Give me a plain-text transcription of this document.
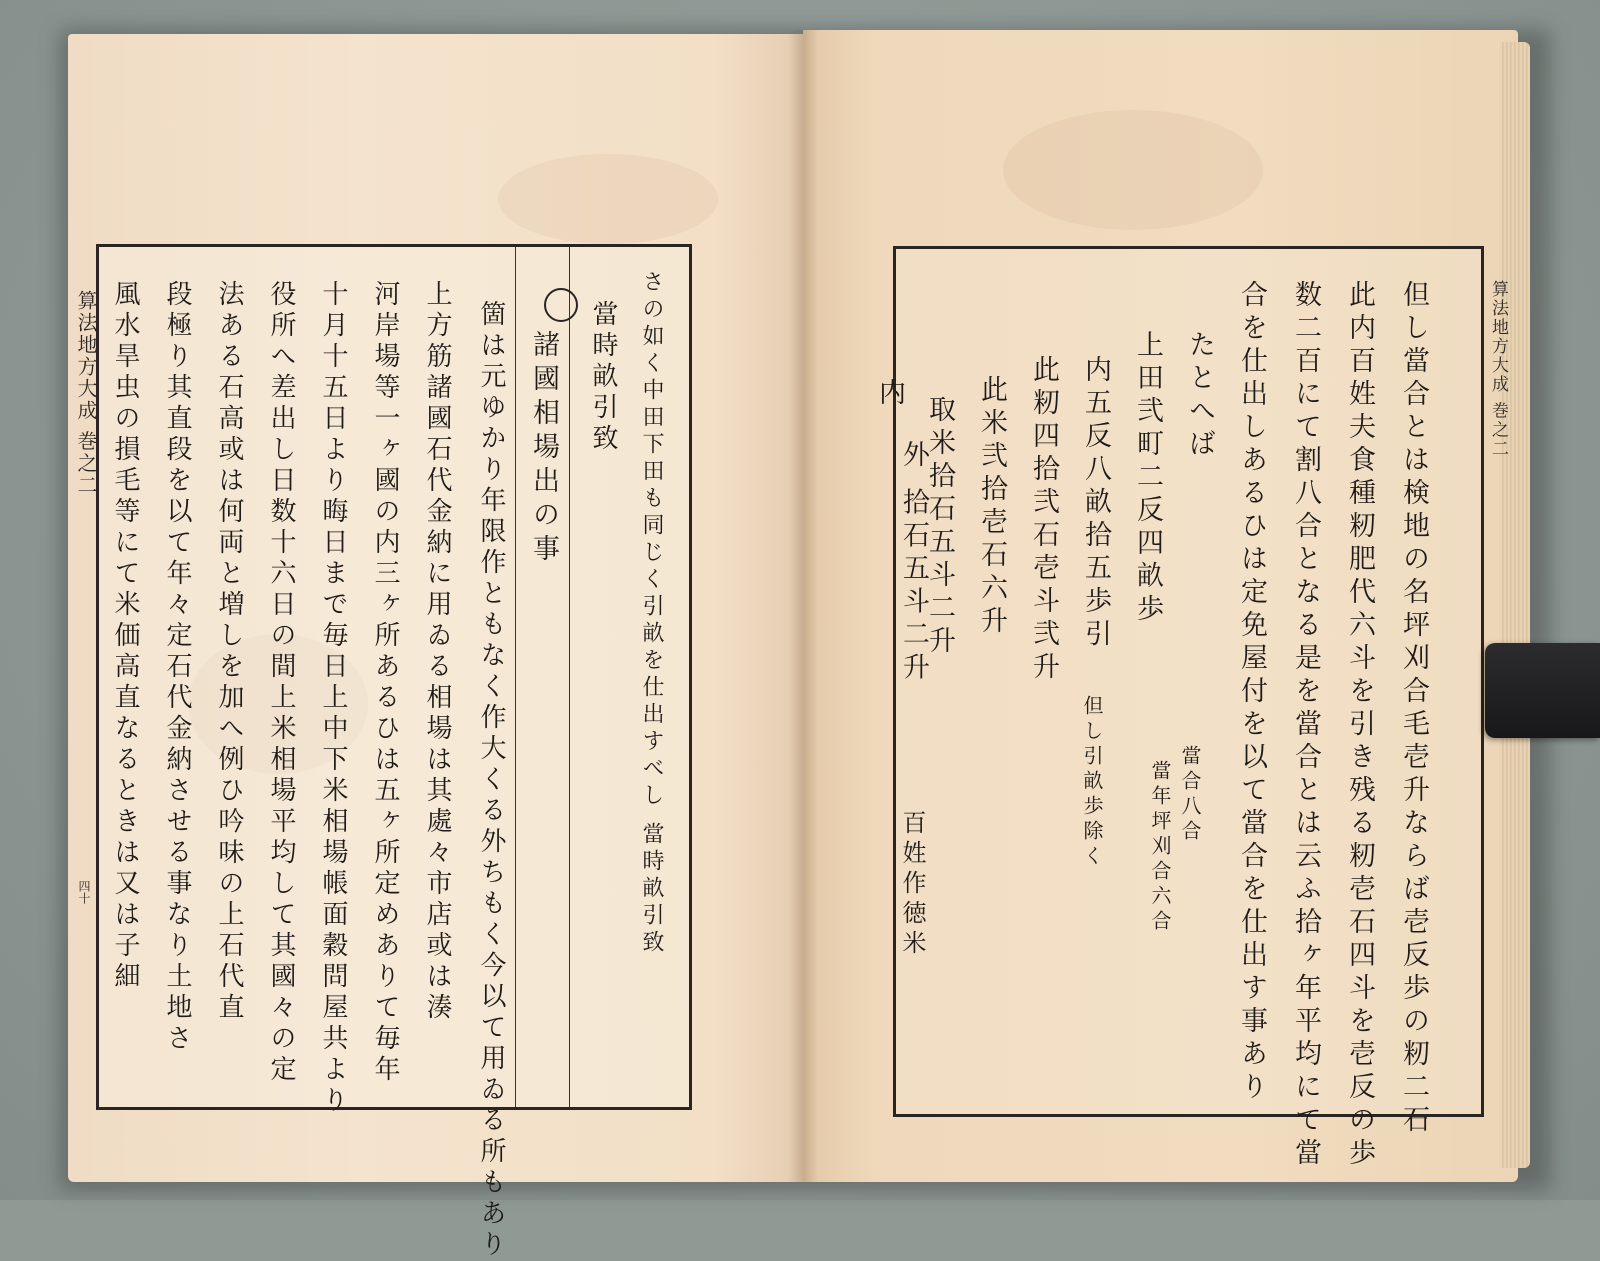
算法地方大成 巻之二
四十
當時畝引致
諸國相場出の事
箇は元ゆかり年限作ともなく作大くる外ちもく今以て用ゐる所もあり
上方筋諸國石代金納に用ゐる相場は其處々市店或は湊
河岸場等一ヶ國の内三ヶ所あるひは五ヶ所定めありて毎年
十月十五日より晦日まで毎日上中下米相場帳面穀問屋共より
役所へ差出し日数十六日の間上米相場平均して其國々の定
法ある石高或は何両と増しを加へ例ひ吟味の上石代直
段極り其直段を以て年々定石代金納させる事なり土地さ
風水旱虫の損毛等にて米価高直なるときは又は子細	さの如く中田下田も同じく引畝を仕出すべし 當時畝引致	算法地方大成 巻之二
但し當合とは検地の名坪刈合毛壱升ならば壱反歩の籾二石
此内百姓夫食種籾肥代六斗を引き残る籾壱石四斗を壱反の歩
数二百にて割八合となる是を當合とは云ふ拾ヶ年平均にて當
合を仕出しあるひは定免屋付を以て當合を仕出す事あり
たとへば
上田弐町二反四畝歩
内五反八畝拾五歩引
此籾四拾弐石壱斗弐升
此米弐拾壱石六升
取米拾石五斗二升
内
外 拾石五斗二升
但し引畝歩除く	當合八合
當年坪刈合六合
百姓作徳米
